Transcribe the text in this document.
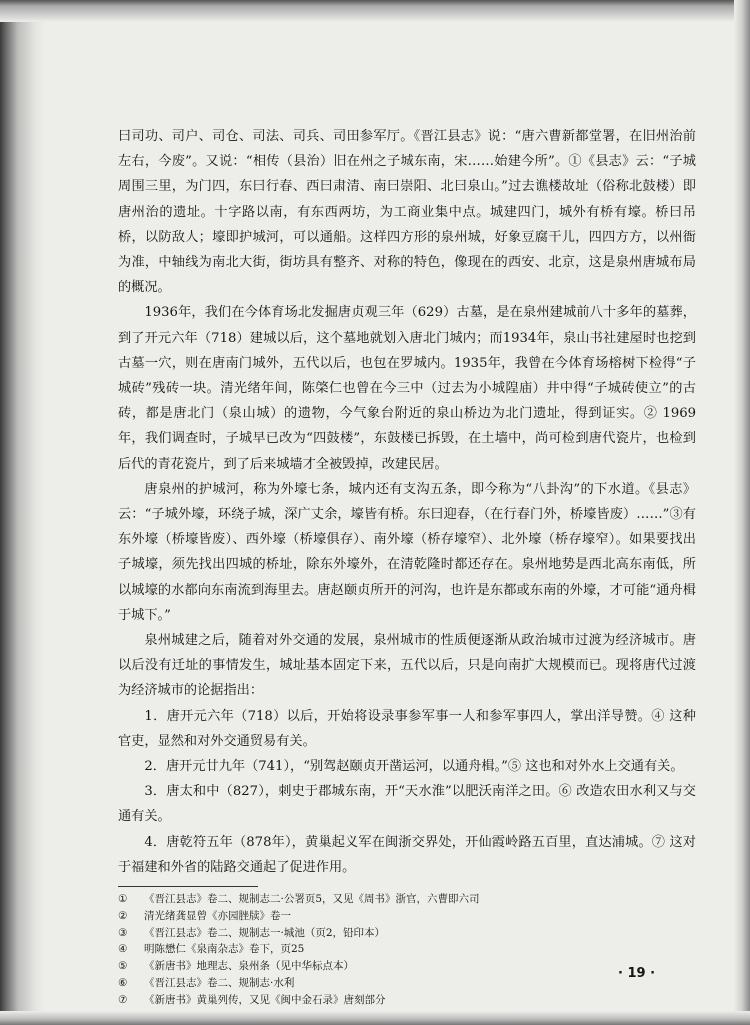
曰司功、司户、司仓、司法、司兵、司田参军厅。《晋江县志》说：“唐六曹新都堂署，在旧州治前左右，今废”。又说：“相传（县治）旧在州之子城东南，宋……始建今所”。①《县志》云：“子城周围三里，为门四，东曰行春、西曰肃清、南曰崇阳、北曰泉山。”过去谯楼故址（俗称北鼓楼）即唐州治的遗址。十字路以南，有东西两坊，为工商业集中点。城建四门，城外有桥有壕。桥曰吊桥，以防敌人；壕即护城河，可以通船。这样四方形的泉州城，好象豆腐干儿，四四方方，以州衙为准，中轴线为南北大街，街坊具有整齐、对称的特色，像现在的西安、北京，这是泉州唐城布局的概况。

1936年，我们在今体育场北发掘唐贞观三年（629）古墓，是在泉州建城前八十多年的墓葬，到了开元六年（718）建城以后，这个墓地就划入唐北门城内；而1934年，泉山书社建屋时也挖到古墓一穴，则在唐南门城外，五代以后，也包在罗城内。1935年，我曾在今体育场榕树下检得“子城砖”残砖一块。清光绪年间，陈棨仁也曾在今三中（过去为小城隍庙）井中得“子城砖使立”的古砖，都是唐北门（泉山城）的遗物，今气象台附近的泉山桥边为北门遗址，得到证实。② 1969年，我们调查时，子城早已改为“四鼓楼”，东鼓楼已拆毁，在土墙中，尚可检到唐代瓷片，也检到后代的青花瓷片，到了后来城墙才全被毁掉，改建民居。

唐泉州的护城河，称为外壕七条，城内还有支沟五条，即今称为“八卦沟”的下水道。《县志》云：“子城外壕，环绕子城，深广丈余，壕皆有桥。东曰迎春，（在行春门外，桥壕皆废）……”③有东外壕（桥壕皆废）、西外壕（桥壕俱存）、南外壕（桥存壕窄）、北外壕（桥存壕窄）。如果要找出子城壕，须先找出四城的桥址，除东外壕外，在清乾隆时都还存在。泉州地势是西北高东南低，所以城壕的水都向东南流到海里去。唐赵颐贞所开的河沟，也许是东都或东南的外壕，才可能“通舟楫于城下。”

泉州城建之后，随着对外交通的发展，泉州城市的性质便逐渐从政治城市过渡为经济城市。唐以后没有迁址的事情发生，城址基本固定下来，五代以后，只是向南扩大规模而已。现将唐代过渡为经济城市的论据指出：

1．唐开元六年（718）以后，开始将设录事参军事一人和参军事四人，掌出洋导赞。④ 这种官吏，显然和对外交通贸易有关。

2．唐开元廿九年（741），“别驾赵颐贞开凿运河，以通舟楫。”⑤ 这也和对外水上交通有关。

3．唐太和中（827），刺史于郡城东南，开“天水淮”以肥沃南洋之田。⑥ 改造农田水利又与交通有关。

4．唐乾符五年（878年），黄巢起义军在闽浙交界处，开仙霞岭路五百里，直达浦城。⑦ 这对于福建和外省的陆路交通起了促进作用。

① 《晋江县志》卷二、规制志二·公署页5，又见《周书》浙官，六曹即六司
② 清光绪龚显曾《亦园脞牍》卷一
③ 《晋江县志》卷二、规制志一·城池（页2，铅印本）
④ 明陈懋仁《泉南杂志》卷下，页25
⑤ 《新唐书》地理志、泉州条（见中华标点本）
⑥ 《晋江县志》卷二、规制志·水利
⑦ 《新唐书》黄巢列传，又见《闽中金石录》唐刻部分
· 19 ·
